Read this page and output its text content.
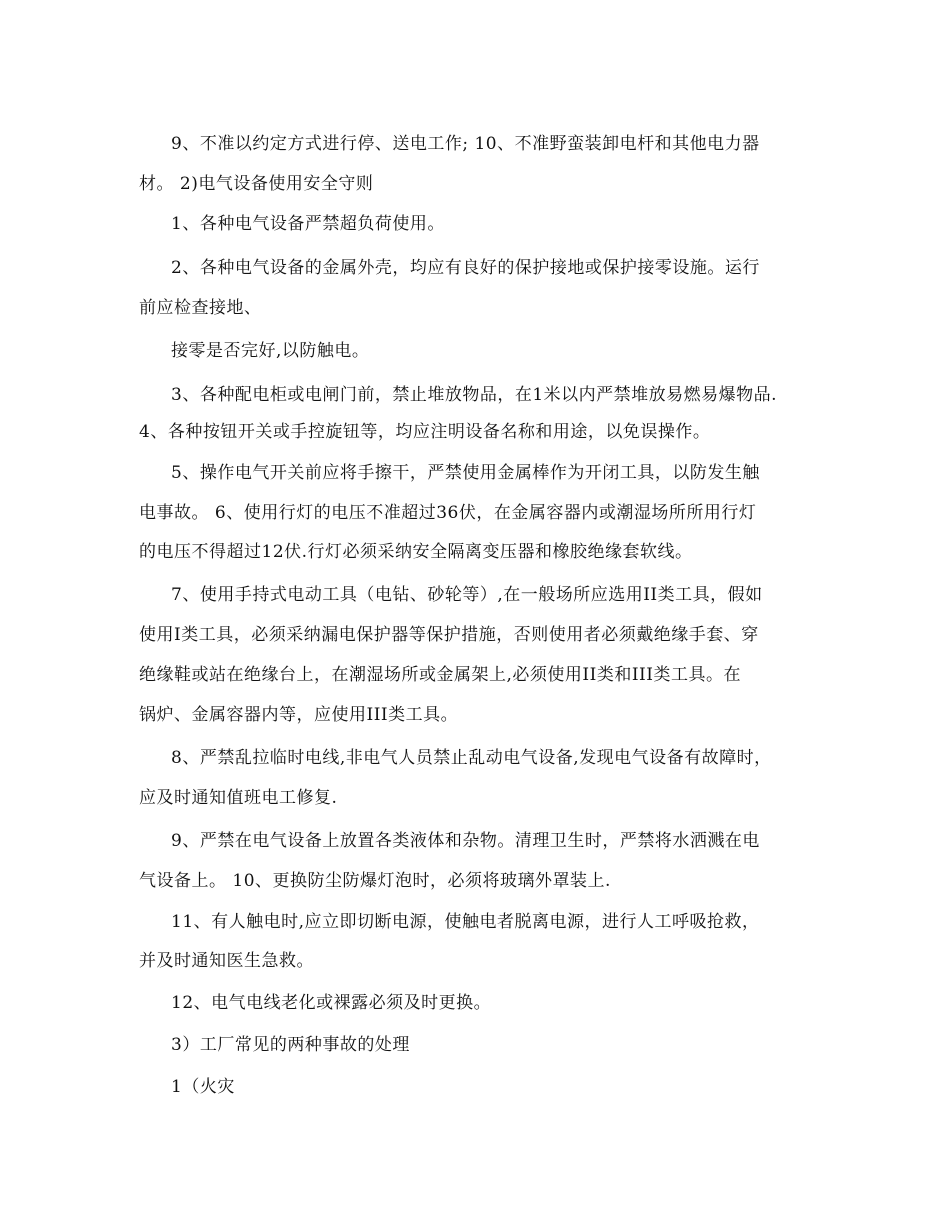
9、不准以约定方式进行停、送电工作; 10、不准野蛮装卸电杆和其他电力器

材。 2)电气设备使用安全守则

1、各种电气设备严禁超负荷使用。

2、各种电气设备的金属外壳，均应有良好的保护接地或保护接零设施。运行

前应检查接地、

接零是否完好,以防触电。

3、各种配电柜或电闸门前，禁止堆放物品，在1米以内严禁堆放易燃易爆物品.

4、各种按钮开关或手控旋钮等，均应注明设备名称和用途，以免误操作。

5、操作电气开关前应将手擦干，严禁使用金属棒作为开闭工具，以防发生触

电事故。 6、使用行灯的电压不准超过36伏，在金属容器内或潮湿场所所用行灯

的电压不得超过12伏.行灯必须采纳安全隔离变压器和橡胶绝缘套软线。

7、使用手持式电动工具（电钻、砂轮等）,在一般场所应选用II类工具，假如

使用I类工具，必须采纳漏电保护器等保护措施，否则使用者必须戴绝缘手套、穿

绝缘鞋或站在绝缘台上，在潮湿场所或金属架上,必须使用II类和III类工具。在

锅炉、金属容器内等，应使用III类工具。

8、严禁乱拉临时电线,非电气人员禁止乱动电气设备,发现电气设备有故障时，

应及时通知值班电工修复.

9、严禁在电气设备上放置各类液体和杂物。清理卫生时，严禁将水洒溅在电

气设备上。 10、更换防尘防爆灯泡时，必须将玻璃外罩装上.

11、有人触电时,应立即切断电源，使触电者脱离电源，进行人工呼吸抢救，

并及时通知医生急救。

12、电气电线老化或裸露必须及时更换。

3）工厂常见的两种事故的处理

1（火灾
